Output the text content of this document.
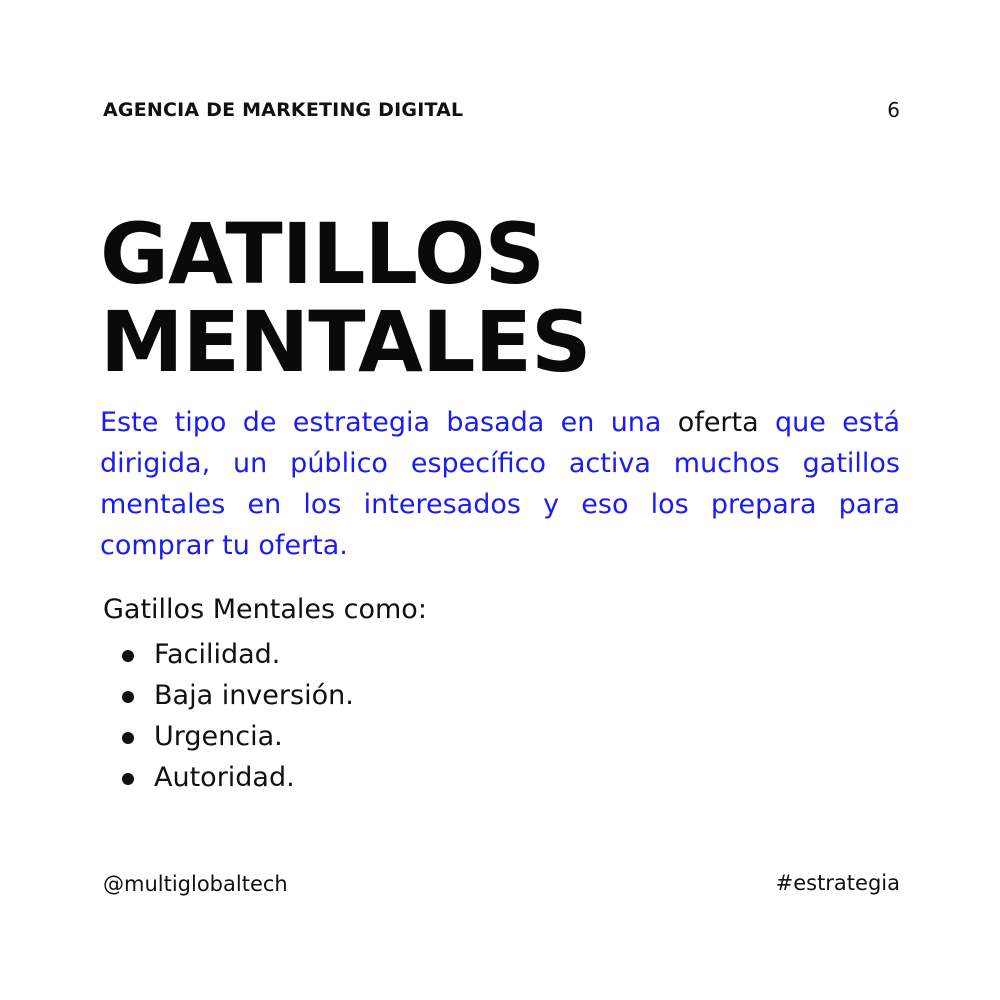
AGENCIA DE MARKETING DIGITAL	6
GATILLOS
MENTALES

Este tipo de estrategia basada en una oferta que está dirigida, un público específico activa muchos gatillos mentales en los interesados y eso los prepara para comprar tu oferta.

Gatillos Mentales como:
Facilidad.
Baja inversión.
Urgencia.
Autoridad.
@multiglobaltech	#estrategia
